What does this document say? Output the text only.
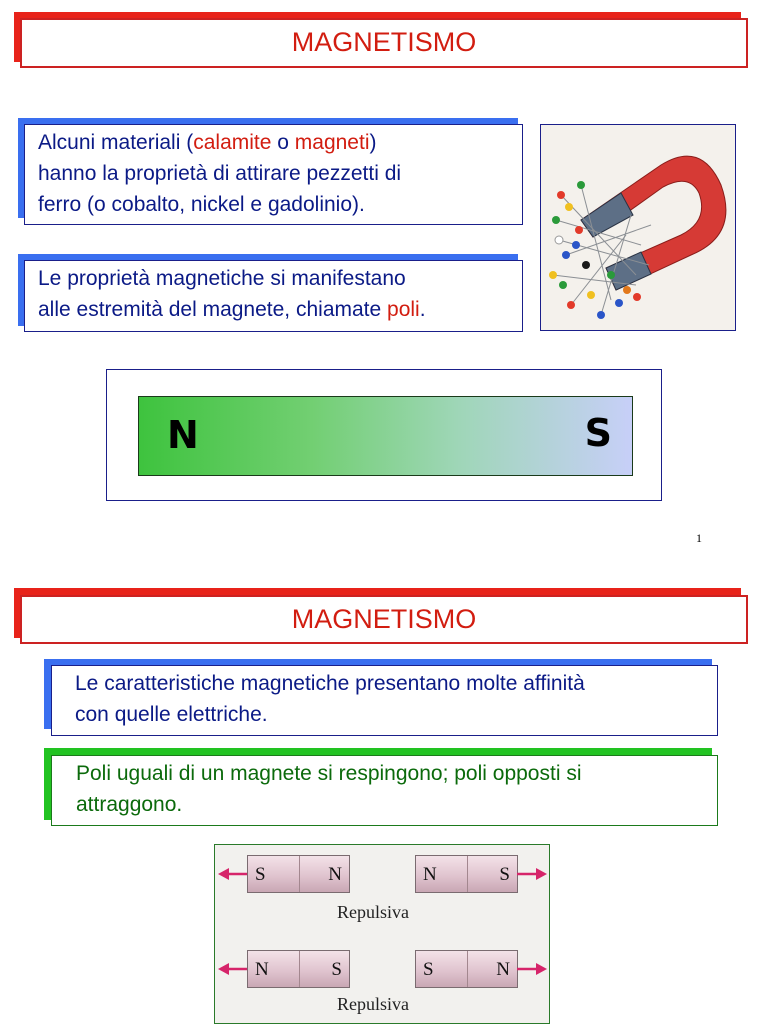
MAGNETISMO
Alcuni materiali (calamite o magneti)
hanno la proprietà di attirare pezzetti di
ferro (o cobalto, nickel e gadolinio).
Le proprietà magnetiche si manifestano
alle estremità del magnete, chiamate poli.
N	S
1
MAGNETISMO
Le caratteristiche magnetiche presentano molte affinità
con quelle elettriche.
Poli uguali di un magnete si respingono; poli opposti si
attraggono.
S	N	N	S
Repulsiva
N	S	S	N
Repulsiva
